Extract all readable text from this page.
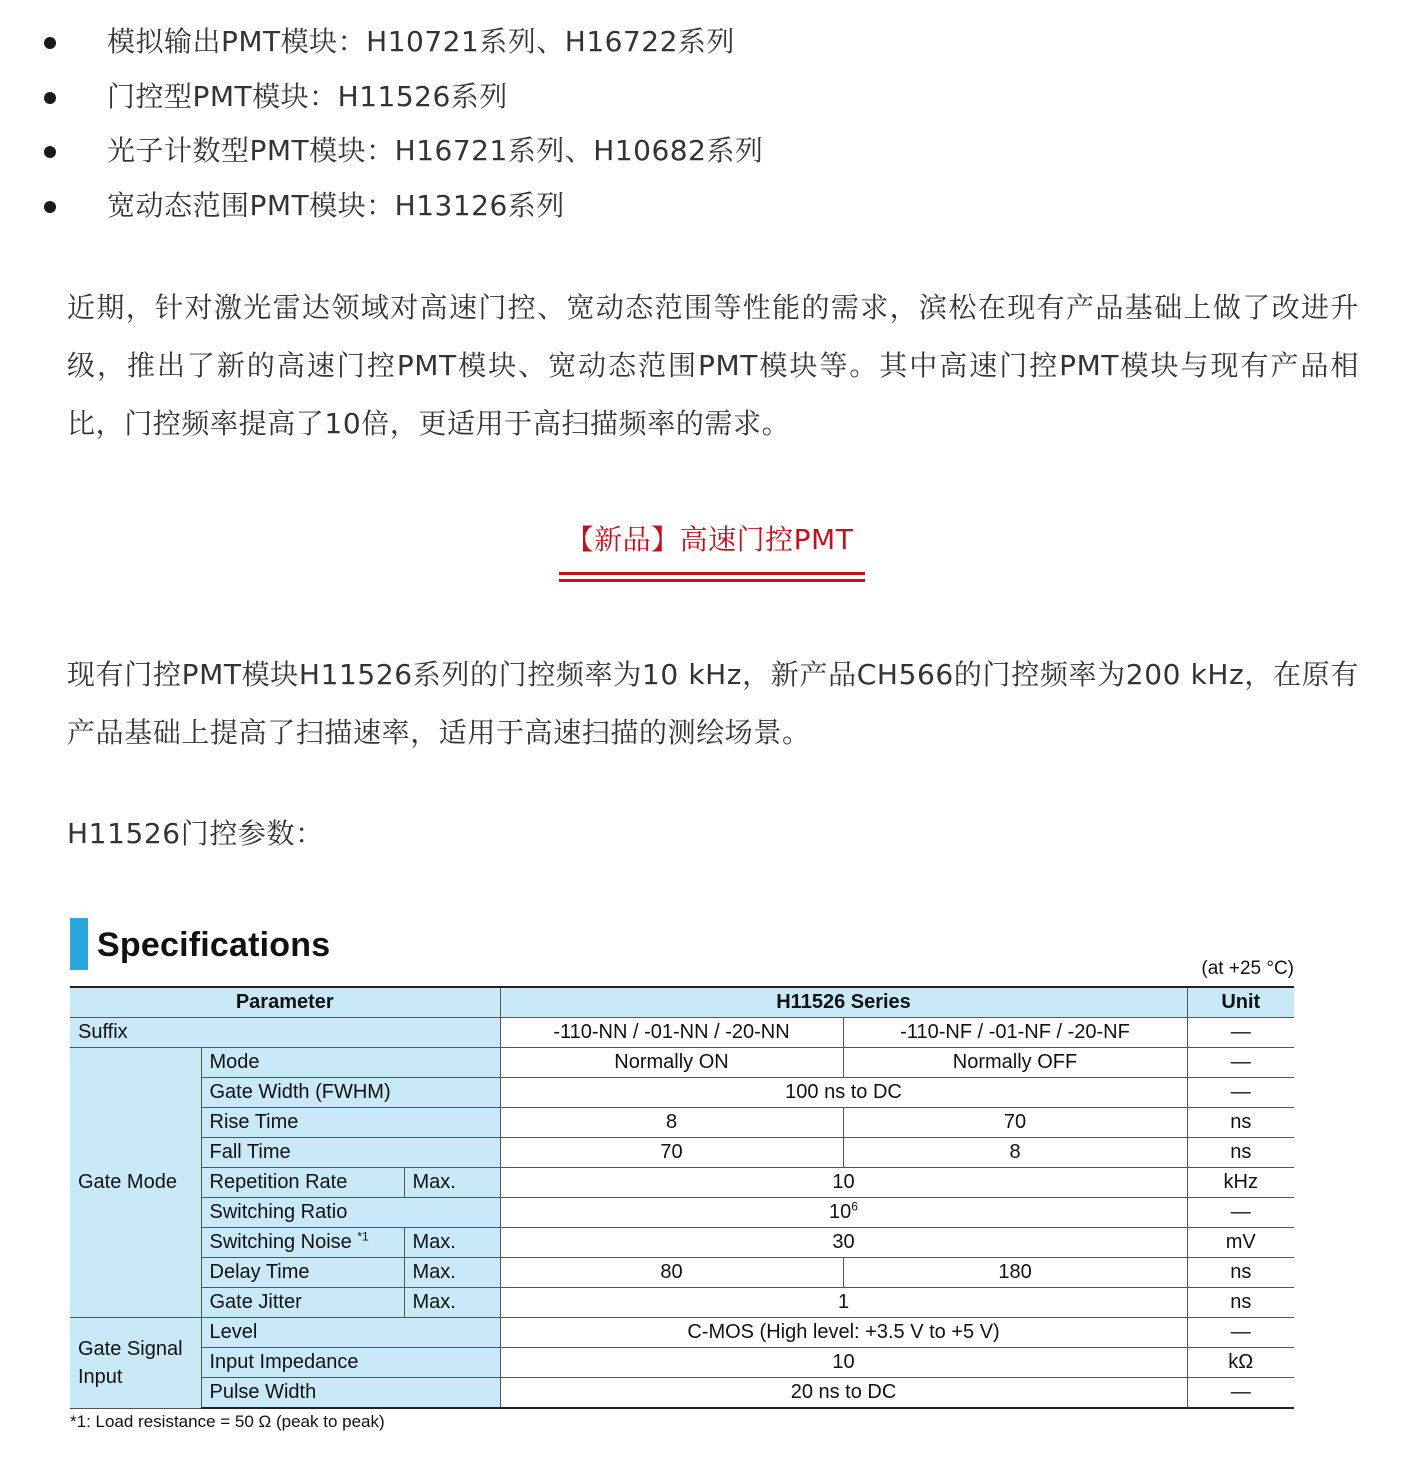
模拟输出PMT模块：H10721系列、H16722系列
门控型PMT模块：H11526系列
光子计数型PMT模块：H16721系列、H10682系列
宽动态范围PMT模块：H13126系列

近期，针对激光雷达领域对高速门控、宽动态范围等性能的需求，滨松在现有产品基础上做了改进升级，推出了新的高速门控PMT模块、宽动态范围PMT模块等。其中高速门控PMT模块与现有产品相比，门控频率提高了10倍，更适用于高扫描频率的需求。

【新品】高速门控PMT

现有门控PMT模块H11526系列的门控频率为10 kHz，新产品CH566的门控频率为200 kHz，在原有产品基础上提高了扫描速率，适用于高速扫描的测绘场景。

H11526门控参数：
Specifications
(at +25 °C)
Parameter			H11526 Series		Unit
Suffix			-110-NN / -01-NN / -20-NN	-110-NF / -01-NF / -20-NF	—
Gate Mode	Mode		Normally ON	Normally OFF	—
	Gate Width (FWHM)		100 ns to DC		—
	Rise Time		8	70	ns
	Fall Time		70	8	ns
	Repetition Rate	Max.	10		kHz
	Switching Ratio		$10^6$		—
	Switching Noise $^{*1}$	Max.	30		mV
	Delay Time	Max.	80	180	ns
	Gate Jitter	Max.	1		ns
Gate Signal
Input	Level		C-MOS (High level: +3.5 V to +5 V)		—
	Input Impedance		10		kΩ
	Pulse Width		20 ns to DC		—
*1: Load resistance = 50 Ω (peak to peak)
